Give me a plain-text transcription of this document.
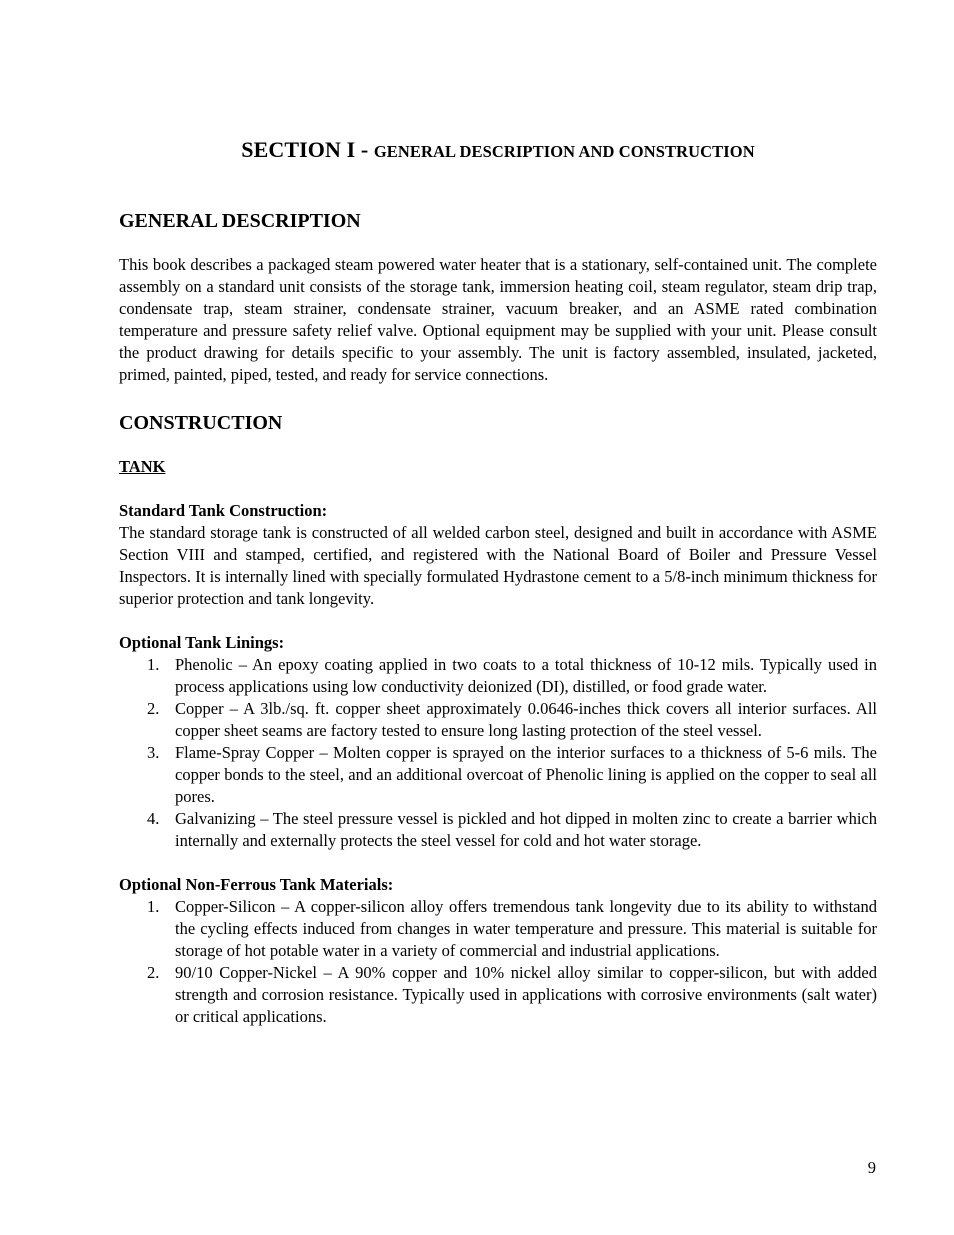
SECTION I - GENERAL DESCRIPTION AND CONSTRUCTION
GENERAL DESCRIPTION
This book describes a packaged steam powered water heater that is a stationary, self-contained unit. The complete assembly on a standard unit consists of the storage tank, immersion heating coil, steam regulator, steam drip trap, condensate trap, steam strainer, condensate strainer, vacuum breaker, and an ASME rated combination temperature and pressure safety relief valve. Optional equipment may be supplied with your unit. Please consult the product drawing for details specific to your assembly. The unit is factory assembled, insulated, jacketed, primed, painted, piped, tested, and ready for service connections.
CONSTRUCTION
TANK
Standard Tank Construction:
The standard storage tank is constructed of all welded carbon steel, designed and built in accordance with ASME Section VIII and stamped, certified, and registered with the National Board of Boiler and Pressure Vessel Inspectors. It is internally lined with specially formulated Hydrastone cement to a 5/8-inch minimum thickness for superior protection and tank longevity.
Optional Tank Linings:
1. Phenolic – An epoxy coating applied in two coats to a total thickness of 10-12 mils. Typically used in process applications using low conductivity deionized (DI), distilled, or food grade water.
2. Copper – A 3lb./sq. ft. copper sheet approximately 0.0646-inches thick covers all interior surfaces. All copper sheet seams are factory tested to ensure long lasting protection of the steel vessel.
3. Flame-Spray Copper – Molten copper is sprayed on the interior surfaces to a thickness of 5-6 mils. The copper bonds to the steel, and an additional overcoat of Phenolic lining is applied on the copper to seal all pores.
4. Galvanizing – The steel pressure vessel is pickled and hot dipped in molten zinc to create a barrier which internally and externally protects the steel vessel for cold and hot water storage.
Optional Non-Ferrous Tank Materials:
1. Copper-Silicon – A copper-silicon alloy offers tremendous tank longevity due to its ability to withstand the cycling effects induced from changes in water temperature and pressure. This material is suitable for storage of hot potable water in a variety of commercial and industrial applications.
2. 90/10 Copper-Nickel – A 90% copper and 10% nickel alloy similar to copper-silicon, but with added strength and corrosion resistance. Typically used in applications with corrosive environments (salt water) or critical applications.
9
